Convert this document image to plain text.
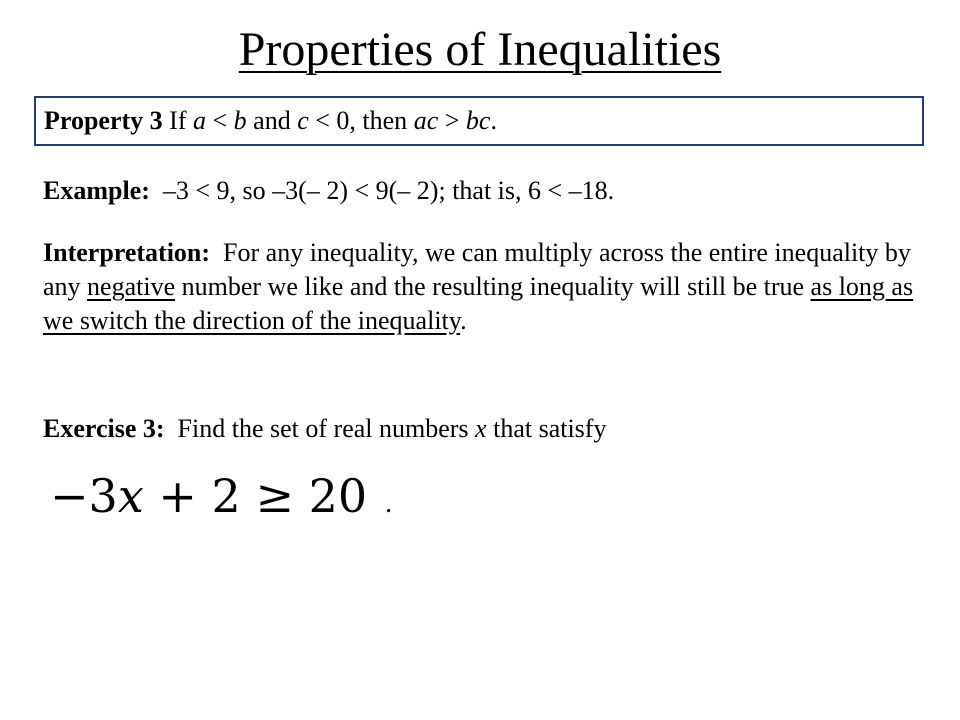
Properties of Inequalities
Property 3 If a < b and c < 0, then ac > bc.
Example:  –3 < 9, so –3(– 2) < 9(– 2); that is, 6 < –18.
Interpretation:  For any inequality, we can multiply across the entire inequality by any negative number we like and the resulting inequality will still be true as long as we switch the direction of the inequality.
Exercise 3:  Find the set of real numbers x that satisfy
−3x + 2 ≥ 20 .
